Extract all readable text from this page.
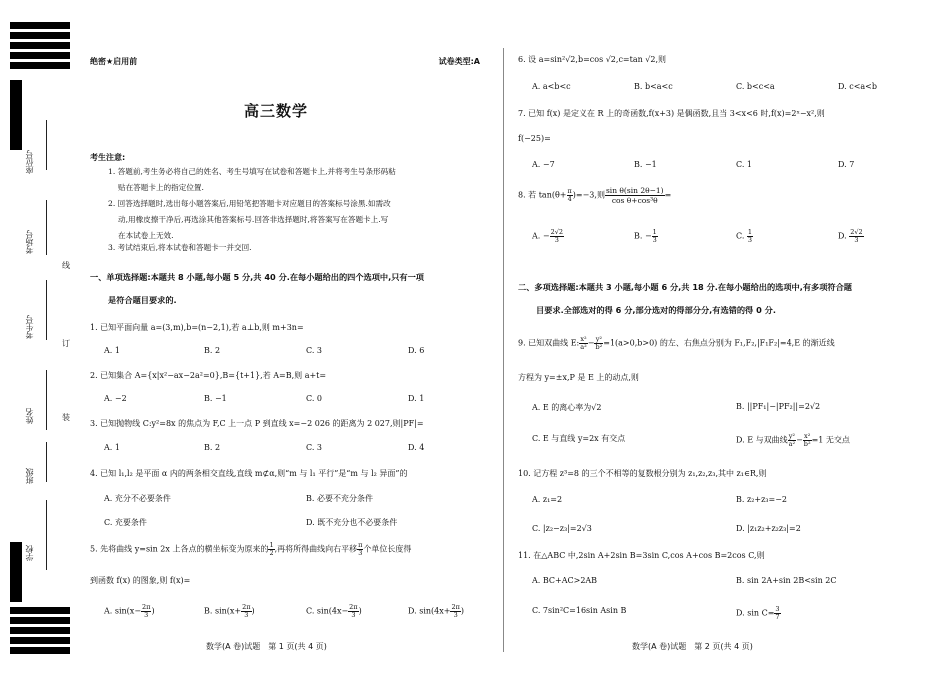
座位号
考场号
考生号
姓名
班级
学校
线
订
装
绝密★启用前	试卷类型:A
高三数学
考生注意:
1. 答题前,考生务必将自己的姓名、考生号填写在试卷和答题卡上,并将考生号条形码粘
贴在答题卡上的指定位置.
2. 回答选择题时,选出每小题答案后,用铅笔把答题卡对应题目的答案标号涂黑.如需改
动,用橡皮擦干净后,再选涂其他答案标号.回答非选择题时,将答案写在答题卡上.写
在本试卷上无效.
3. 考试结束后,将本试卷和答题卡一并交回.
一、单项选择题:本题共 8 小题,每小题 5 分,共 40 分.在每小题给出的四个选项中,只有一项
是符合题目要求的.
1. 已知平面向量 a=(3,m),b=(n−2,1),若 a⊥b,则 m+3n=
A. 1	B. 2	C. 3	D. 6
2. 已知集合 A={x|x²−ax−2a²=0},B={t+1},若 A=B,则 a+t=
A. −2	B. −1	C. 0	D. 1
3. 已知抛物线 C:y²=8x 的焦点为 F,C 上一点 P 到直线 x=−2 026 的距离为 2 027,则|PF|=
A. 1	B. 2	C. 3	D. 4
4. 已知 l₁,l₂ 是平面 α 内的两条相交直线,直线 m⊄α,则“m 与 l₁ 平行”是“m 与 l₂ 异面”的
A. 充分不必要条件	B. 必要不充分条件
C. 充要条件	D. 既不充分也不必要条件
5. 先将曲线 y=sin 2x 上各点的横坐标变为原来的 $\frac{1}{2}$ ,再将所得曲线向右平移 $\frac{\pi}{3}$ 个单位长度得
到函数 f(x) 的图象,则 f(x)=
A. $\sin(x- \frac{2\pi}{3}$ )	B. $\sin(x+ \frac{2\pi}{3}$ )	C. $\sin(4x- \frac{2\pi}{3}$ )	D. $\sin(4x+ \frac{2\pi}{3}$ )
数学(A 卷)试题　第 1 页(共 4 页)
6. 设 a=sin²√2,b=cos √2,c=tan √2,则
A. a<b<c	B. b<a<c	C. b<c<a	D. c<a<b
7. 已知 f(x) 是定义在 R 上的奇函数,f(x+3) 是偶函数,且当 3<x<6 时,f(x)=2ˣ−x²,则
f(−25)=
A. −7	B. −1	C. 1	D. 7
8. 若 $\tan(\theta+ \frac{\pi}{4} )=-3$,则 $\frac{\text{sin θ(sin 2θ−1)}}{\text{cos θ+cos³θ}}$ =
A. − $\frac{2√2}{3}$	B. − $\frac{1}{3}$	C. $\frac{1}{3}$	D. $\frac{2√2}{3}$
二、多项选择题:本题共 3 小题,每小题 6 分,共 18 分.在每小题给出的选项中,有多项符合题
目要求.全部选对的得 6 分,部分选对的得部分分,有选错的得 0 分.
9. 已知双曲线 E: $\frac{\text{x²}}{\text{a²}} - \frac{\text{y²}}{\text{b²}} =1(a>0,b>0)$ 的左、右焦点分别为 F₁,F₂,|F₁F₂|=4,E 的渐近线
方程为 y=±x,P 是 E 上的动点,则
A. E 的离心率为√2	B. ||PF₁|−|PF₂||=2√2
C. E 与直线 y=2x 有交点	D. E 与双曲线 $\frac{\text{y²}}{\text{a²}} - \frac{\text{x²}}{\text{b²}} =1$ 无交点
10. 记方程 z³=8 的三个不相等的复数根分别为 z₁,z₂,z₃,其中 z₁∈R,则
A. z₁=2	B. z₂+z₃=−2
C. |z₂−z₃|=2√3	D. |z₁z₂+z₂z₃|=2
11. 在△ABC 中,2sin A+2sin B=3sin C,cos A+cos B=2cos C,则
A. BC+AC>2AB	B. sin 2A+sin 2B<sin 2C
C. 7sin²C=16sin Asin B	D. $\sin C= \frac{3}{7}$
数学(A 卷)试题　第 2 页(共 4 页)
